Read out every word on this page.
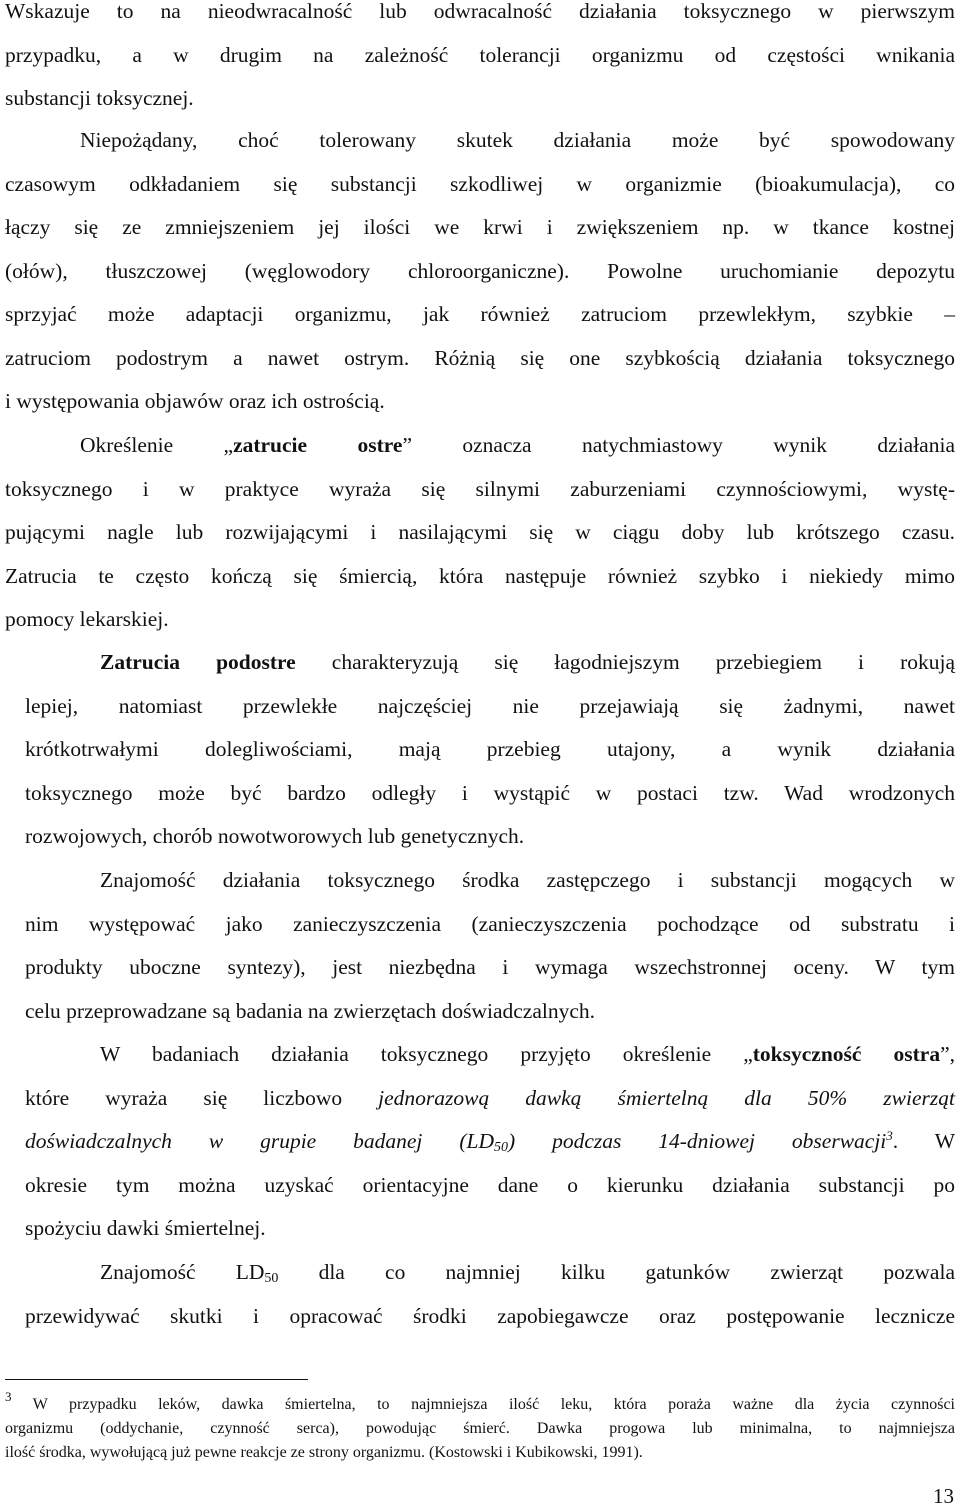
Wskazuje to na nieodwracalność lub odwracalność działania toksycznego w pierwszym
przypadku, a w drugim na zależność tolerancji organizmu od częstości wnikania
substancji toksycznej.
Niepożądany, choć tolerowany skutek działania może być spowodowany
czasowym odkładaniem się substancji szkodliwej w organizmie (bioakumulacja), co
łączy się ze zmniejszeniem jej ilości we krwi i zwiększeniem np. w tkance kostnej
(ołów), tłuszczowej (węglowodory chloroorganiczne). Powolne uruchomianie depozytu
sprzyjać może adaptacji organizmu, jak również zatruciom przewlekłym, szybkie –
zatruciom podostrym a nawet ostrym. Różnią się one szybkością działania toksycznego
i występowania objawów oraz ich ostrością.
Określenie „zatrucie ostre” oznacza natychmiastowy wynik działania
toksycznego i w praktyce wyraża się silnymi zaburzeniami czynnościowymi, wystę-
pującymi nagle lub rozwijającymi i nasilającymi się w ciągu doby lub krótszego czasu.
Zatrucia te często kończą się śmiercią, która następuje również szybko i niekiedy mimo
pomocy lekarskiej.
Zatrucia podostre charakteryzują się łagodniejszym przebiegiem i rokują
lepiej, natomiast przewlekłe najczęściej nie przejawiają się żadnymi, nawet
krótkotrwałymi dolegliwościami, mają przebieg utajony, a wynik działania
toksycznego może być bardzo odległy i wystąpić w postaci tzw. Wad wrodzonych
rozwojowych, chorób nowotworowych lub genetycznych.
Znajomość działania toksycznego środka zastępczego i substancji mogących w
nim występować jako zanieczyszczenia (zanieczyszczenia pochodzące od substratu i
produkty uboczne syntezy), jest niezbędna i wymaga wszechstronnej oceny. W tym
celu przeprowadzane są badania na zwierzętach doświadczalnych.
W badaniach działania toksycznego przyjęto określenie „toksyczność ostra”,
które wyraża się liczbowo jednorazową dawką śmiertelną dla 50% zwierząt
doświadczalnych w grupie badanej $(LD_{50})$ podczas 14-dniowej obserwacji$^3$. W
okresie tym można uzyskać orientacyjne dane o kierunku działania substancji po
spożyciu dawki śmiertelnej.
Znajomość $LD_{50}$ dla co najmniej kilku gatunków zwierząt pozwala
przewidywać skutki i opracować środki zapobiegawcze oraz postępowanie lecznicze
$^3$ W przypadku leków, dawka śmiertelna, to najmniejsza ilość leku, która poraża ważne dla życia czynności
organizmu (oddychanie, czynność serca), powodując śmierć. Dawka progowa lub minimalna, to najmniejsza
ilość środka, wywołującą już pewne reakcje ze strony organizmu. (Kostowski i Kubikowski, 1991).
13
